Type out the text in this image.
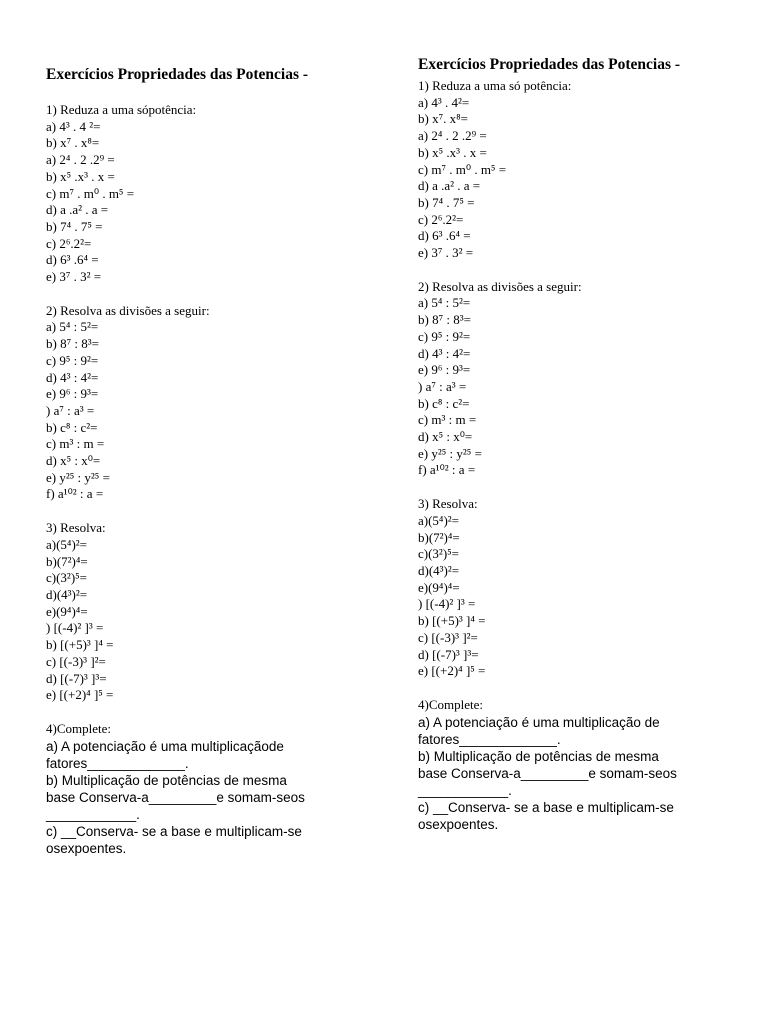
Exercícios Propriedades das Potencias -
1) Reduza a uma sópotência:
a) 4³ . 4 ²=
b) x⁷ . x⁸=
a) 2⁴ . 2 .2⁹ =
b) x⁵ .x³ . x =
c) m⁷ . m⁰ . m⁵ =
d) a .a² . a =
b) 7⁴ . 7⁵ =
c) 2⁶.2²=
d) 6³ .6⁴ =
e) 3⁷ . 3² =
2) Resolva as divisões a seguir:
a) 5⁴ : 5²=
b) 8⁷ : 8³=
c) 9⁵ : 9²=
d) 4³ : 4²=
e) 9⁶ : 9³=
) a⁷ : a³ =
b) c⁸ : c²=
c) m³ : m =
d) x⁵ : x⁰=
e) y²⁵ : y²⁵ =
f) a¹⁰² : a =
3) Resolva:
a)(5⁴)²=
b)(7²)⁴=
c)(3²)⁵=
d)(4³)²=
e)(9⁴)⁴=
) [(-4)² ]³ =
b) [(+5)³ ]⁴ =
c) [(-3)³ ]²=
d) [(-7)³ ]³=
e) [(+2)⁴ ]⁵ =
4)Complete:
a) A potenciação é uma multiplicaçãode
fatores_____________.
b) Multiplicação de potências de mesma
base Conserva-a_________e somam-seos
____________.
c) __Conserva- se a base e multiplicam-se
osexpoentes.
Exercícios Propriedades das Potencias -
1) Reduza a uma só potência:
a) 4³ . 4²=
b) x⁷. x⁸=
a) 2⁴ . 2 .2⁹ =
b) x⁵ .x³ . x =
c) m⁷ . m⁰ . m⁵ =
d) a .a² . a =
b) 7⁴ . 7⁵ =
c) 2⁶.2²=
d) 6³ .6⁴ =
e) 3⁷ . 3² =
2) Resolva as divisões a seguir:
a) 5⁴ : 5²=
b) 8⁷ : 8³=
c) 9⁵ : 9²=
d) 4³ : 4²=
e) 9⁶ : 9³=
) a⁷ : a³ =
b) c⁸ : c²=
c) m³ : m =
d) x⁵ : x⁰=
e) y²⁵ : y²⁵ =
f) a¹⁰² : a =
3) Resolva:
a)(5⁴)²=
b)(7²)⁴=
c)(3²)⁵=
d)(4³)²=
e)(9⁴)⁴=
) [(-4)² ]³ =
b) [(+5)³ ]⁴ =
c) [(-3)³ ]²=
d) [(-7)³ ]³=
e) [(+2)⁴ ]⁵ =
4)Complete:
a) A potenciação é uma multiplicação de
fatores_____________.
b) Multiplicação de potências de mesma
base Conserva-a_________e somam-seos
____________.
c) __Conserva- se a base e multiplicam-se
osexpoentes.
